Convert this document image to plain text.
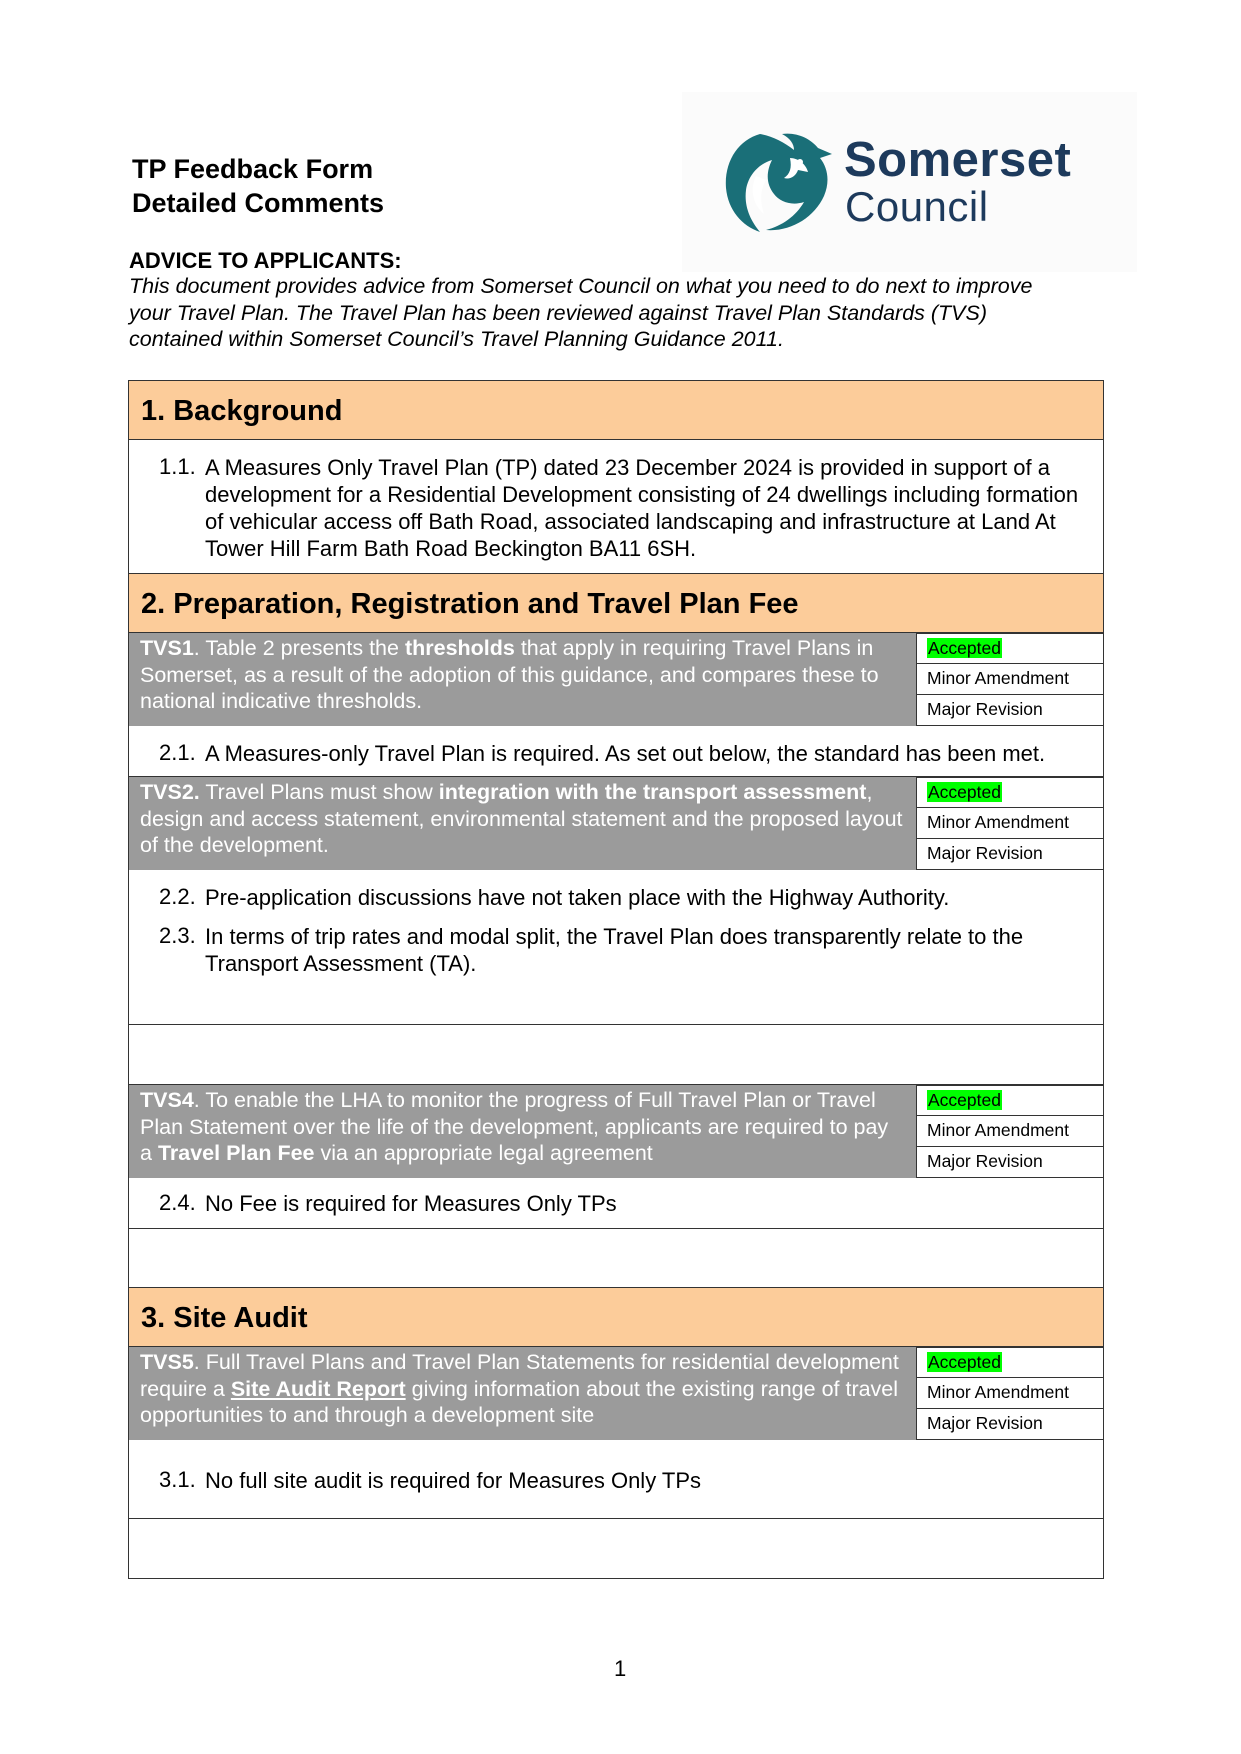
TP Feedback Form
Detailed Comments
Somerset
Council
ADVICE TO APPLICANTS:
This document provides advice from Somerset Council on what you need to do next to improve your Travel Plan. The Travel Plan has been reviewed against Travel Plan Standards (TVS) contained within Somerset Council’s Travel Planning Guidance 2011.
1. Background
1.1. A Measures Only Travel Plan (TP) dated 23 December 2024 is provided in support of a development for a Residential Development consisting of 24 dwellings including formation of vehicular access off Bath Road, associated landscaping and infrastructure at Land At Tower Hill Farm Bath Road Beckington BA11 6SH.
2. Preparation, Registration and Travel Plan Fee
TVS1. Table 2 presents the thresholds that apply in requiring Travel Plans in Somerset, as a result of the adoption of this guidance, and compares these to national indicative thresholds.
Accepted
Minor Amendment
Major Revision
2.1. A Measures-only Travel Plan is required. As set out below, the standard has been met.
TVS2. Travel Plans must show integration with the transport assessment, design and access statement, environmental statement and the proposed layout of the development.
Accepted
Minor Amendment
Major Revision
2.2. Pre-application discussions have not taken place with the Highway Authority.
2.3. In terms of trip rates and modal split, the Travel Plan does transparently relate to the Transport Assessment (TA).
TVS4. To enable the LHA to monitor the progress of Full Travel Plan or Travel Plan Statement over the life of the development, applicants are required to pay a Travel Plan Fee via an appropriate legal agreement
Accepted
Minor Amendment
Major Revision
2.4. No Fee is required for Measures Only TPs
3. Site Audit
TVS5. Full Travel Plans and Travel Plan Statements for residential development require a Site Audit Report giving information about the existing range of travel opportunities to and through a development site
Accepted
Minor Amendment
Major Revision
3.1. No full site audit is required for Measures Only TPs
1
